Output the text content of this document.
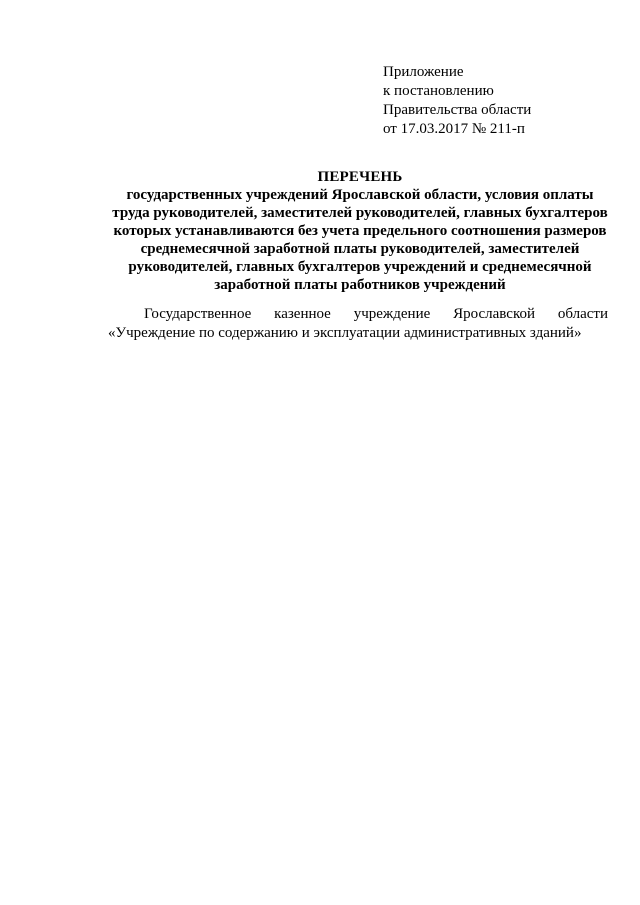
Приложение
к постановлению
Правительства области
от 17.03.2017 № 211-п
ПЕРЕЧЕНЬ
государственных учреждений Ярославской области, условия оплаты
труда руководителей, заместителей руководителей, главных бухгалтеров
которых устанавливаются без учета предельного соотношения размеров
среднемесячной заработной платы руководителей, заместителей
руководителей, главных бухгалтеров учреждений и среднемесячной
заработной платы работников учреждений
Государственное казенное учреждение Ярославской области
«Учреждение по содержанию и эксплуатации административных зданий»
